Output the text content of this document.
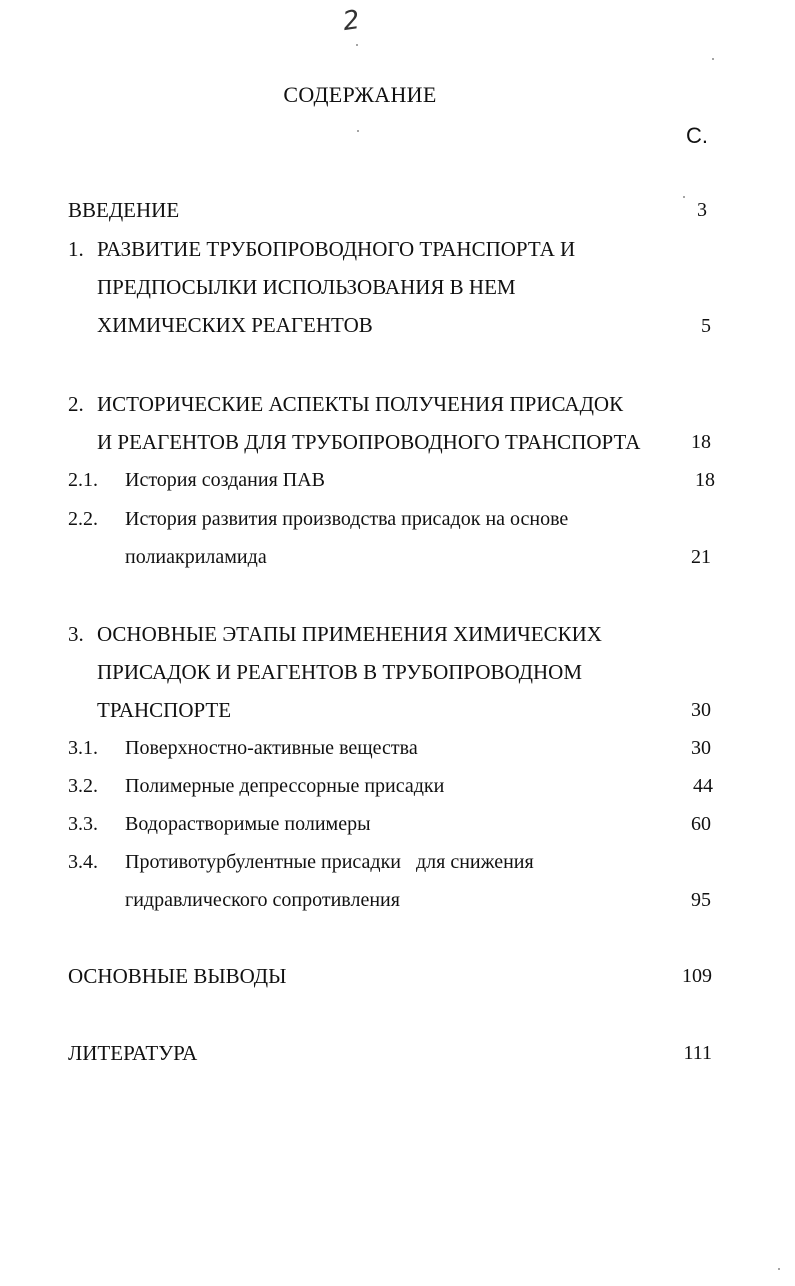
2
СОДЕРЖАНИЕ
С.
ВВЕДЕНИЕ	3
1. РАЗВИТИЕ ТРУБОПРОВОДНОГО ТРАНСПОРТА И
ПРЕДПОСЫЛКИ ИСПОЛЬЗОВАНИЯ В НЕМ
ХИМИЧЕСКИХ РЕАГЕНТОВ	5
2. ИСТОРИЧЕСКИЕ АСПЕКТЫ ПОЛУЧЕНИЯ ПРИСАДОК
И РЕАГЕНТОВ ДЛЯ ТРУБОПРОВОДНОГО ТРАНСПОРТА	18
2.1. История создания ПАВ	18
2.2. История развития производства присадок на основе
полиакриламида	21
3. ОСНОВНЫЕ ЭТАПЫ ПРИМЕНЕНИЯ ХИМИЧЕСКИХ
ПРИСАДОК И РЕАГЕНТОВ В ТРУБОПРОВОДНОМ
ТРАНСПОРТЕ	30
3.1. Поверхностно-активные вещества	30
3.2. Полимерные депрессорные присадки	44
3.3. Водорастворимые полимеры	60
3.4. Противотурбулентные присадки   для снижения
гидравлического сопротивления	95
ОСНОВНЫЕ ВЫВОДЫ	109
ЛИТЕРАТУРА	111
